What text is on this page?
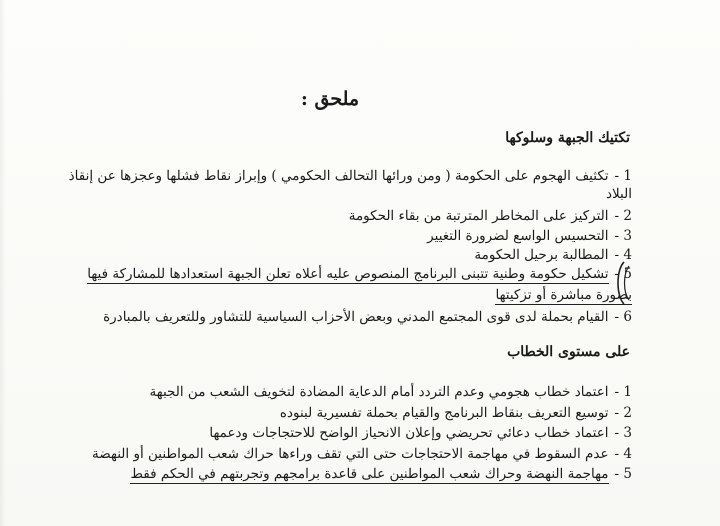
ملحق :
تكتيك الجبهة وسلوكها
1 -تكثيف الهجوم على الحكومة ( ومن ورائها التحالف الحكومي ) وإبراز نقاط فشلها وعجزها عن إنقاذ
البلاد
2 -التركيز على المخاطر المترتبة من بقاء الحكومة
3 -التحسيس الواسع لضرورة التغيير
4 -المطالبة برحيل الحكومة
5 -تشكيل حكومة وطنية تتبنى البرنامج المنصوص عليه أعلاه تعلن الجبهة استعدادها للمشاركة فيها
بصورة مباشرة أو تزكيتها
6 -القيام بحملة لدى قوى المجتمع المدني وبعض الأحزاب السياسية للتشاور وللتعريف بالمبادرة
على مستوى الخطاب
1 -اعتماد خطاب هجومي وعدم التردد أمام الدعاية المضادة لتخويف الشعب من الجبهة
2 -توسيع التعريف بنقاط البرنامج والقيام بحملة تفسيرية لبنوده
3 -اعتماد خطاب دعائي تحريضي وإعلان الانحياز الواضح للاحتجاجات ودعمها
4 -عدم السقوط في مهاجمة الاحتجاجات حتى التي تقف وراءها حراك شعب المواطنين أو النهضة
5 -مهاجمة النهضة وحراك شعب المواطنين على قاعدة برامجهم وتجربتهم في الحكم فقط
